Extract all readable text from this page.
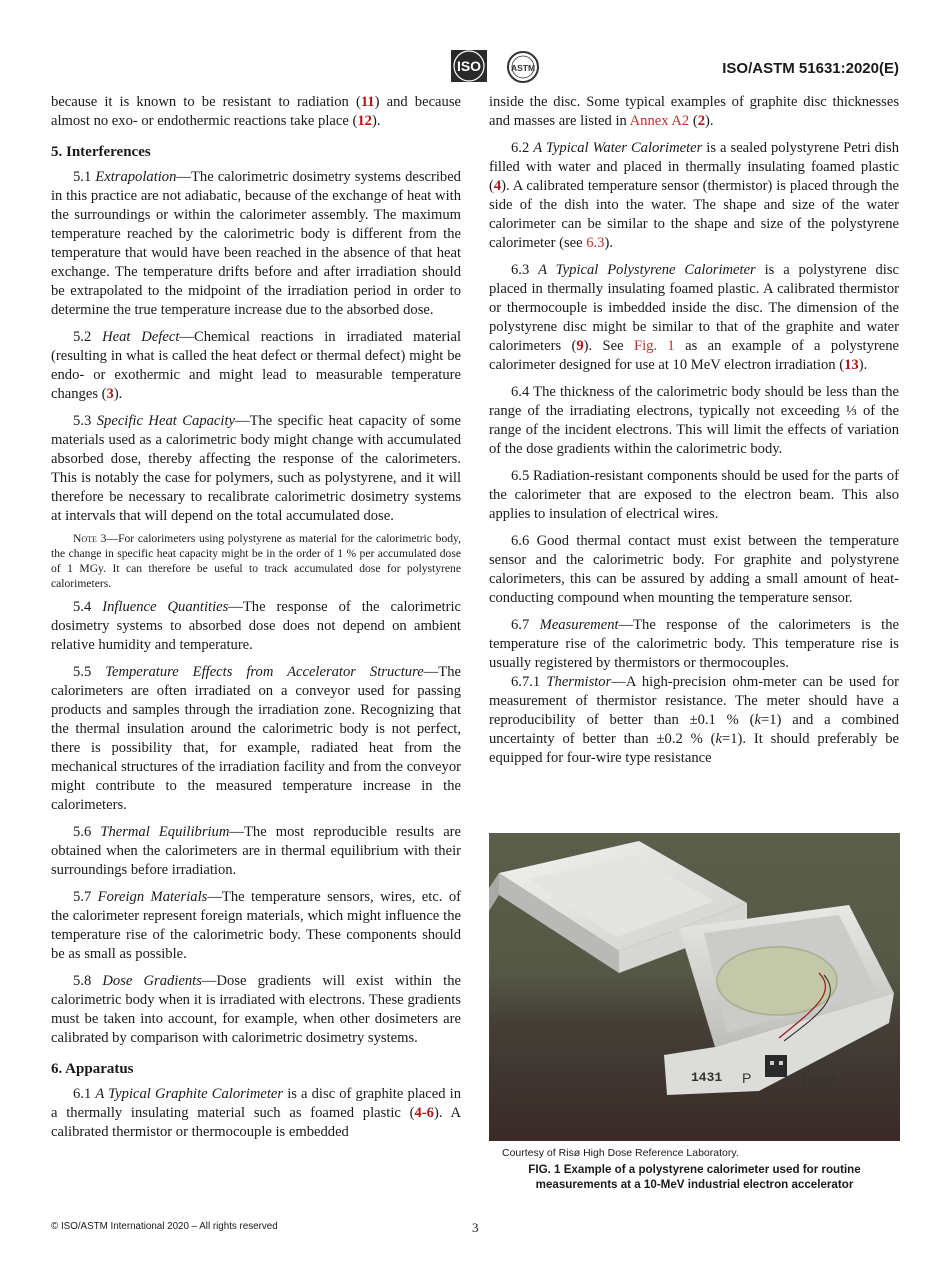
ISO	ASTM	ISO/ASTM 51631:2020(E)

because it is known to be resistant to radiation (11) and because almost no exo- or endothermic reactions take place (12).

5. Interferences

5.1 Extrapolation—The calorimetric dosimetry systems described in this practice are not adiabatic, because of the exchange of heat with the surroundings or within the calorimeter assembly. The maximum temperature reached by the calorimetric body is different from the temperature that would have been reached in the absence of that heat exchange. The temperature drifts before and after irradiation should be extrapolated to the midpoint of the irradiation period in order to determine the true temperature increase due to the absorbed dose.

5.2 Heat Defect—Chemical reactions in irradiated material (resulting in what is called the heat defect or thermal defect) might be endo- or exothermic and might lead to measurable temperature changes (3).

5.3 Specific Heat Capacity—The specific heat capacity of some materials used as a calorimetric body might change with accumulated absorbed dose, thereby affecting the response of the calorimeters. This is notably the case for polymers, such as polystyrene, and it will therefore be necessary to recalibrate calorimetric dosimetry systems at intervals that will depend on the total accumulated dose.

Note 3—For calorimeters using polystyrene as material for the calorimetric body, the change in specific heat capacity might be in the order of 1 % per accumulated dose of 1 MGy. It can therefore be useful to track accumulated dose for polystyrene calorimeters.

5.4 Influence Quantities—The response of the calorimetric dosimetry systems to absorbed dose does not depend on ambient relative humidity and temperature.

5.5 Temperature Effects from Accelerator Structure—The calorimeters are often irradiated on a conveyor used for passing products and samples through the irradiation zone. Recognizing that the thermal insulation around the calorimetric body is not perfect, there is possibility that, for example, radiated heat from the mechanical structures of the irradiation facility and from the conveyor might contribute to the measured temperature increase in the calorimeters.

5.6 Thermal Equilibrium—The most reproducible results are obtained when the calorimeters are in thermal equilibrium with their surroundings before irradiation.

5.7 Foreign Materials—The temperature sensors, wires, etc. of the calorimeter represent foreign materials, which might influence the temperature rise of the calorimetric body. These components should be as small as possible.

5.8 Dose Gradients—Dose gradients will exist within the calorimetric body when it is irradiated with electrons. These gradients must be taken into account, for example, when other dosimeters are calibrated by comparison with calorimetric dosimetry systems.

6. Apparatus

6.1 A Typical Graphite Calorimeter is a disc of graphite placed in a thermally insulating material such as foamed plastic (4-6). A calibrated thermistor or thermocouple is embedded

inside the disc. Some typical examples of graphite disc thicknesses and masses are listed in Annex A2 (2).

6.2 A Typical Water Calorimeter is a sealed polystyrene Petri dish filled with water and placed in thermally insulating foamed plastic (4). A calibrated temperature sensor (thermistor) is placed through the side of the dish into the water. The shape and size of the water calorimeter can be similar to the shape and size of the polystyrene calorimeter (see 6.3).

6.3 A Typical Polystyrene Calorimeter is a polystyrene disc placed in thermally insulating foamed plastic. A calibrated thermistor or thermocouple is imbedded inside the disc. The dimension of the polystyrene disc might be similar to that of the graphite and water calorimeters (9). See Fig. 1 as an example of a polystyrene calorimeter designed for use at 10 MeV electron irradiation (13).

6.4 The thickness of the calorimetric body should be less than the range of the irradiating electrons, typically not exceeding ⅓ of the range of the incident electrons. This will limit the effects of variation of the dose gradients within the calorimetric body.

6.5 Radiation-resistant components should be used for the parts of the calorimeter that are exposed to the electron beam. This also applies to insulation of electrical wires.

6.6 Good thermal contact must exist between the temperature sensor and the calorimetric body. For graphite and polystyrene calorimeters, this can be assured by adding a small amount of heat-conducting compound when mounting the temperature sensor.

6.7 Measurement—The response of the calorimeters is the temperature rise of the calorimetric body. This temperature rise is usually registered by thermistors or thermocouples.

6.7.1 Thermistor—A high-precision ohm-meter can be used for measurement of thermistor resistance. The meter should have a reproducibility of better than ±0.1 % (k=1) and a combined uncertainty of better than ±0.2 % (k=1). It should preferably be equipped for four-wire type resistance

1431 P	RISØ
Courtesy of Risø High Dose Reference Laboratory.
FIG. 1 Example of a polystyrene calorimeter used for routine
measurements at a 10-MeV industrial electron accelerator
© ISO/ASTM International 2020 – All rights reserved	3
